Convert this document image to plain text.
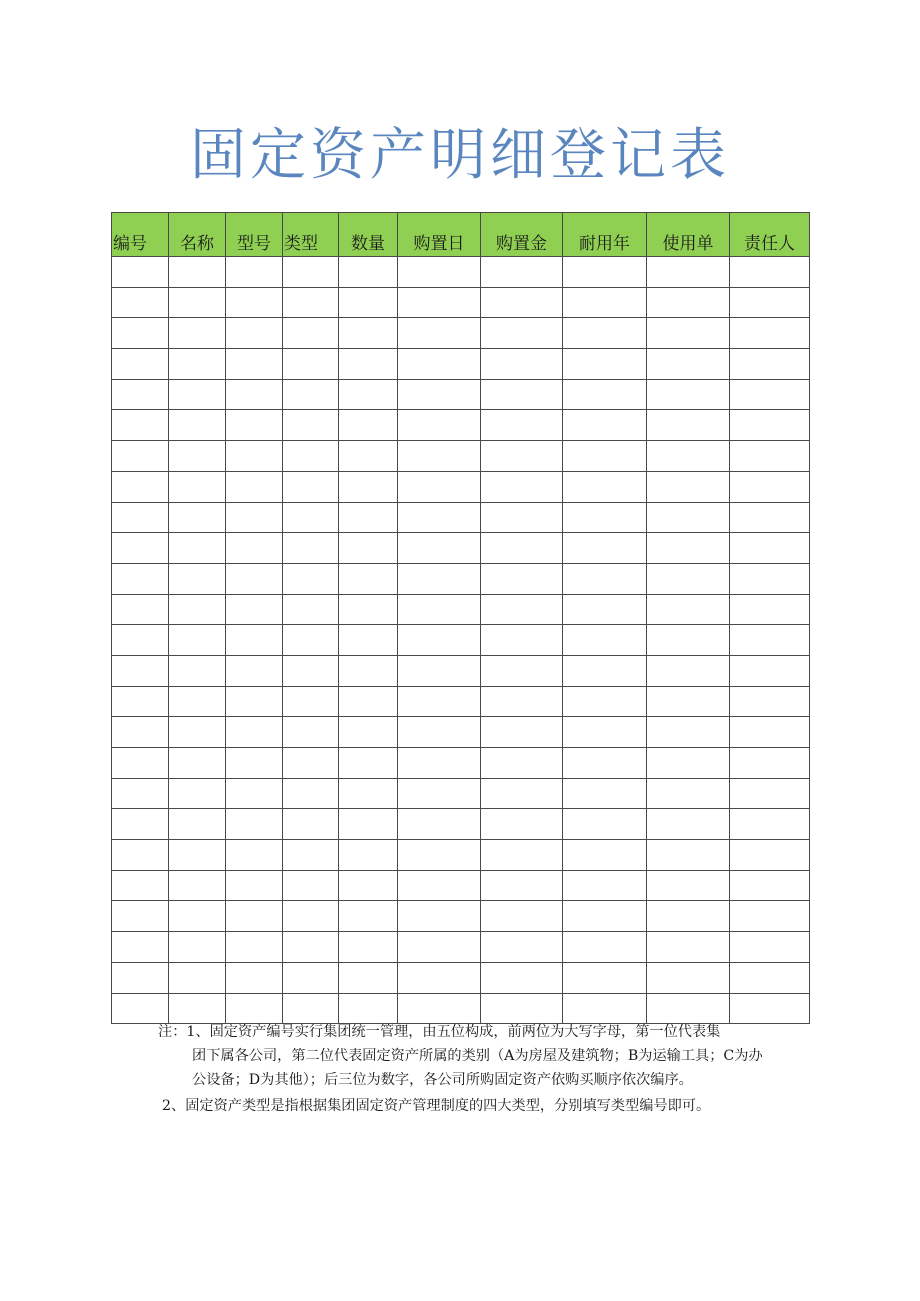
固定资产明细登记表
编号	名称	型号	类型	数量	购置日	购置金	耐用年	使用单	责任人

注：1、固定资产编号实行集团统一管理，由五位构成，前两位为大写字母，第一位代表集
团下属各公司，第二位代表固定资产所属的类别（A为房屋及建筑物；B为运输工具；C为办
公设备；D为其他）；后三位为数字，各公司所购固定资产依购买顺序依次编序。
2、固定资产类型是指根据集团固定资产管理制度的四大类型，分别填写类型编号即可。
